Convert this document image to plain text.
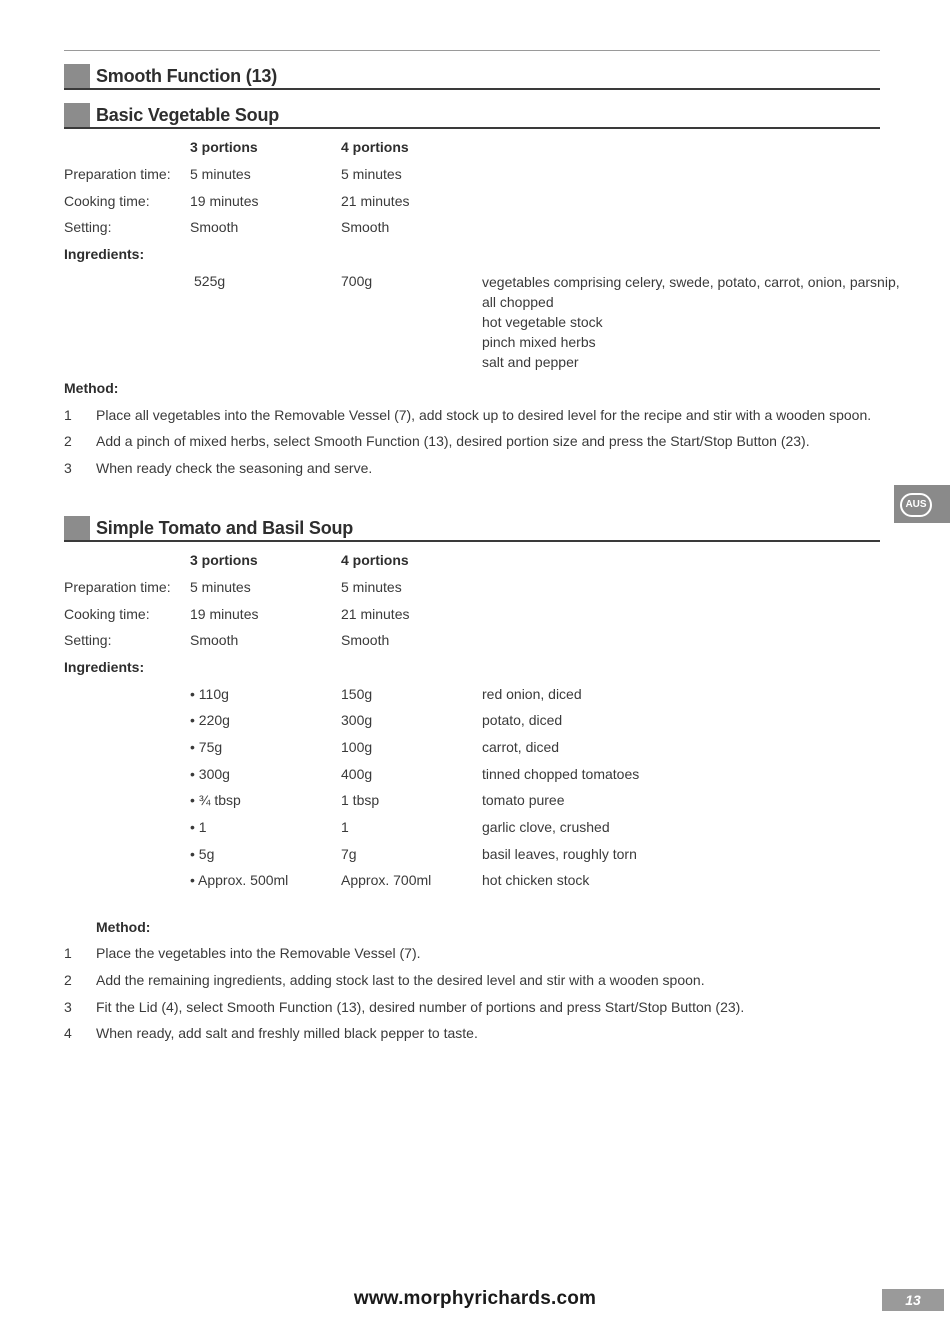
Smooth Function (13)
Basic Vegetable Soup
3 portions	4 portions
Preparation time: 5 minutes	5 minutes
Cooking time:	19 minutes	21 minutes
Setting:	Smooth	Smooth
Ingredients:
525g	700g	vegetables comprising celery, swede, potato, carrot, onion, parsnip,
all chopped
hot vegetable stock
pinch mixed herbs
salt and pepper
Method:
1 Place all vegetables into the Removable Vessel (7), add stock up to desired level for the recipe and stir with a wooden spoon.
2 Add a pinch of mixed herbs, select Smooth Function (13), desired portion size and press the Start/Stop Button (23).
3 When ready check the seasoning and serve.
AUS
Simple Tomato and Basil Soup
3 portions	4 portions
Preparation time: 5 minutes	5 minutes
Cooking time:	19 minutes	21 minutes
Setting:	Smooth	Smooth
Ingredients:
• 110g	150g	red onion, diced
• 220g	300g	potato, diced
• 75g	100g	carrot, diced
• 300g	400g	tinned chopped tomatoes
• ¾ tbsp	1 tbsp	tomato puree
• 1	1	garlic clove, crushed
• 5g	7g	basil leaves, roughly torn
• Approx. 500ml	Approx. 700ml	hot chicken stock
Method:
1 Place the vegetables into the Removable Vessel (7).
2 Add the remaining ingredients, adding stock last to the desired level and stir with a wooden spoon.
3 Fit the Lid (4), select Smooth Function (13), desired number of portions and press Start/Stop Button (23).
4 When ready, add salt and freshly milled black pepper to taste.
www.morphyrichards.com	13
